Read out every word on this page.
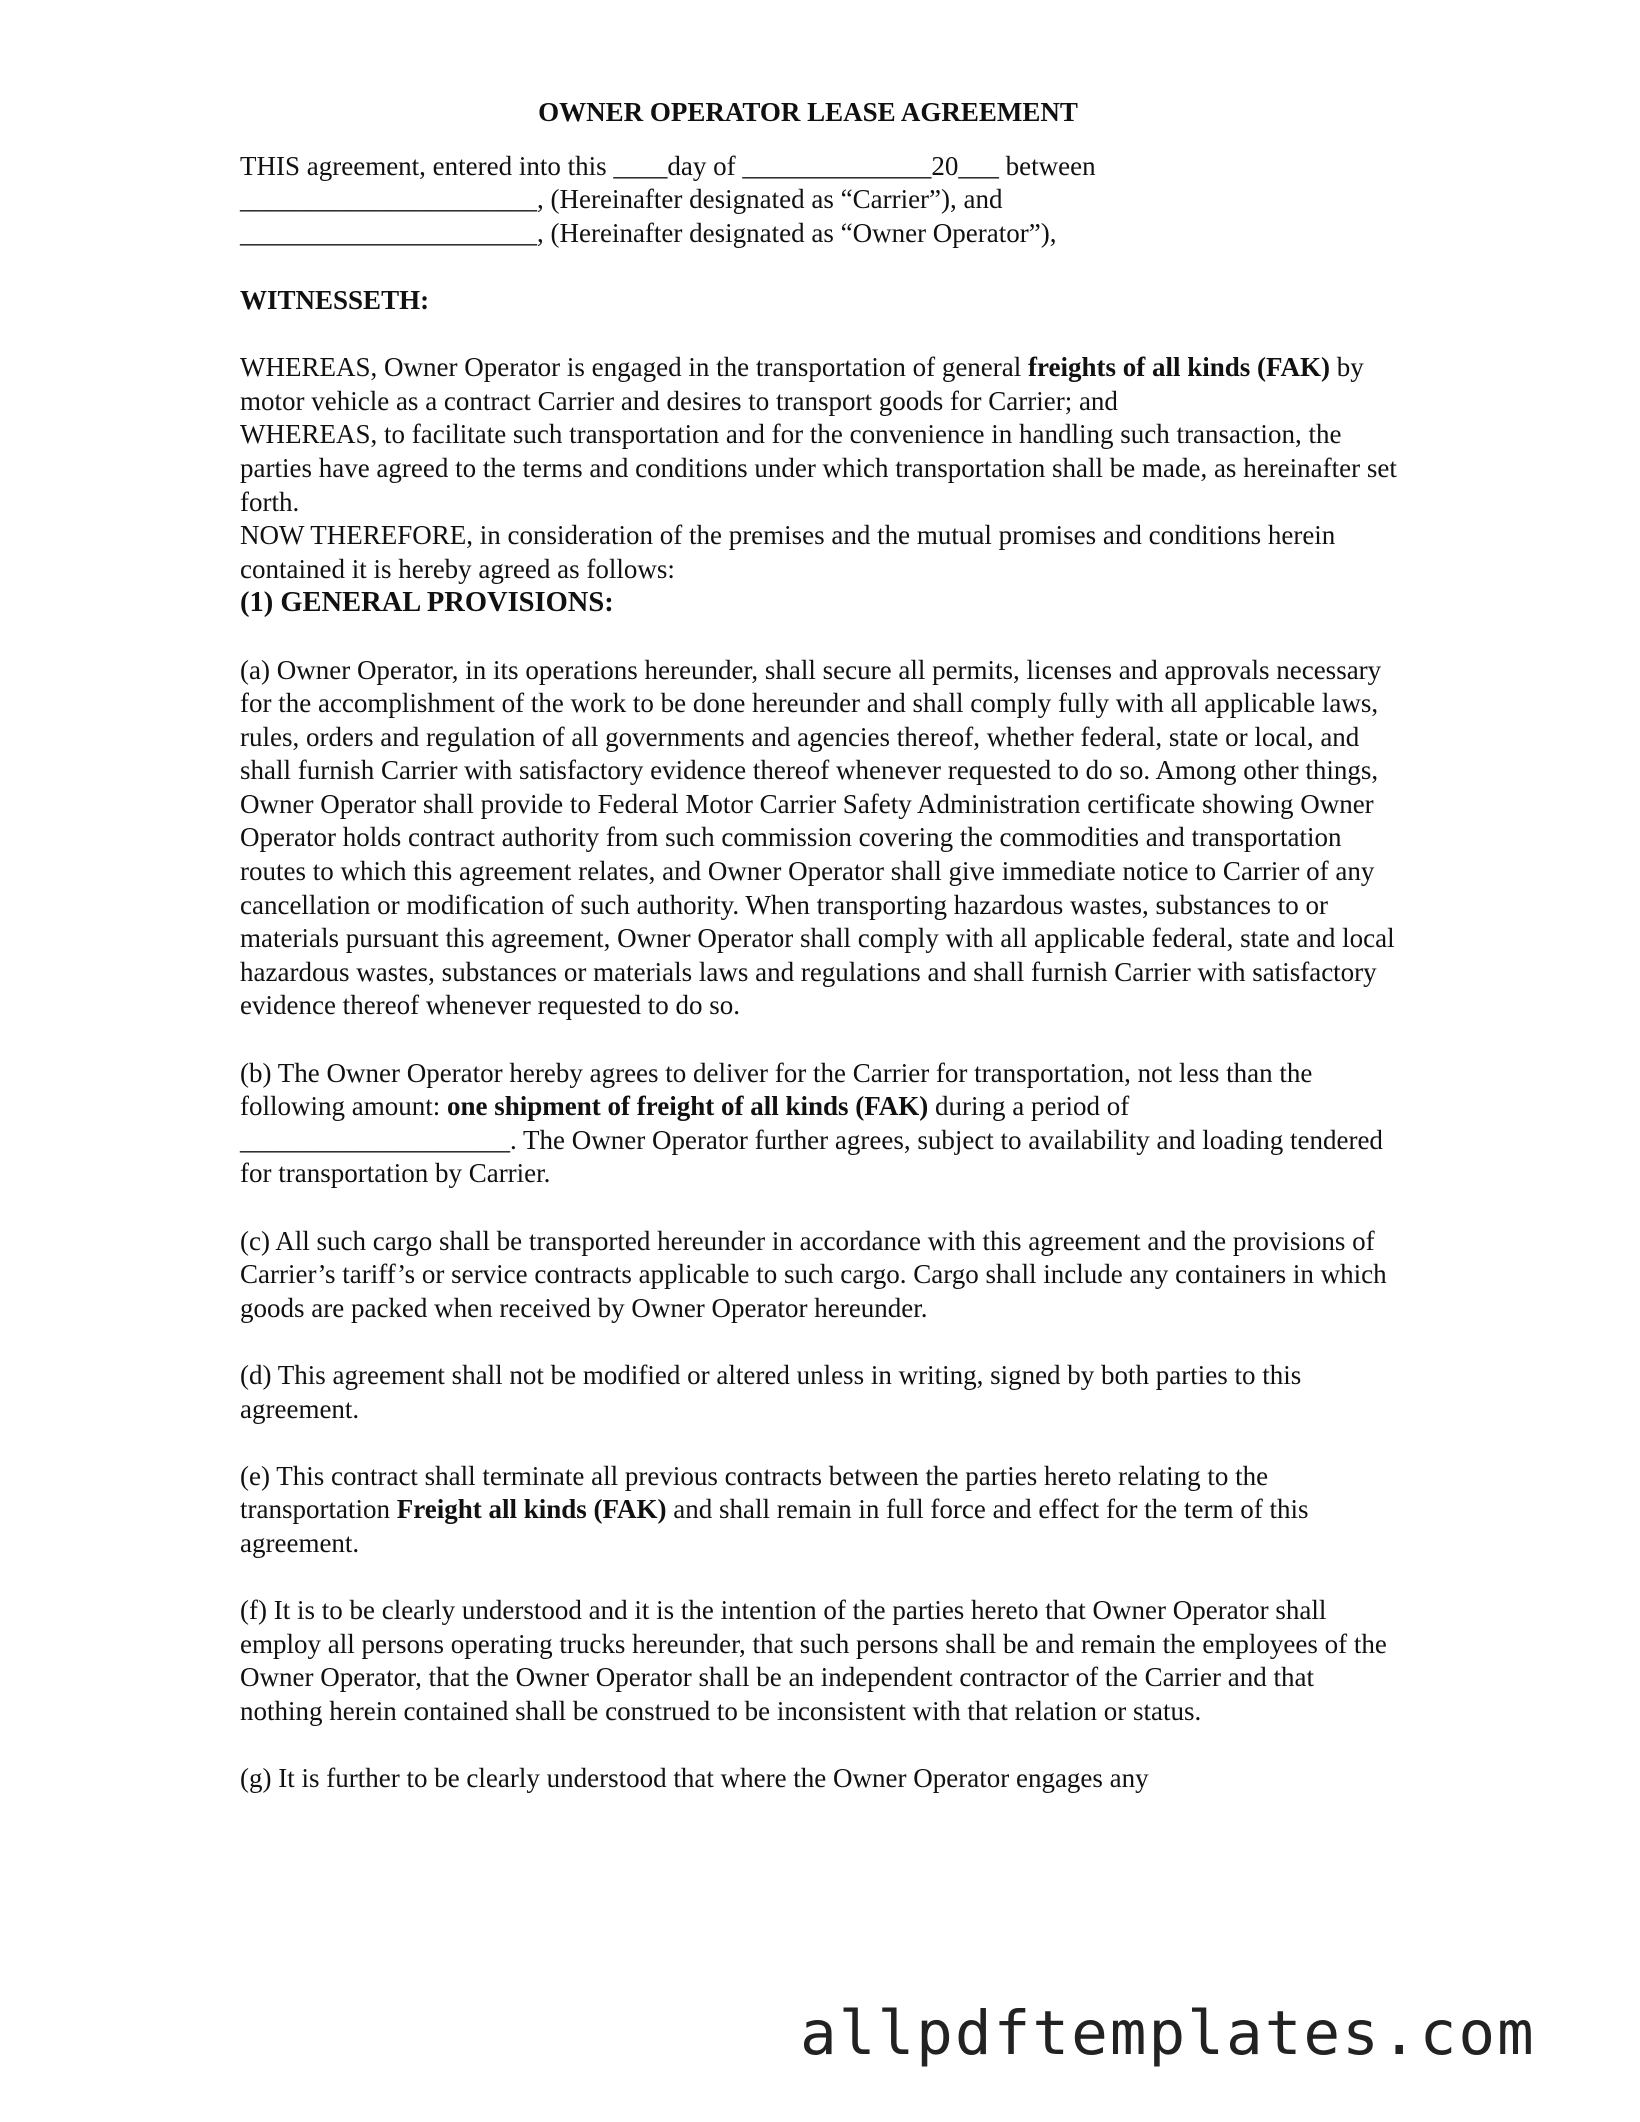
OWNER OPERATOR LEASE AGREEMENT
THIS agreement, entered into this ____day of ______________20___ between
______________________, (Hereinafter designated as “Carrier”), and
______________________, (Hereinafter designated as “Owner Operator”),
WITNESSETH:

WHEREAS, Owner Operator is engaged in the transportation of general freights of all kinds (FAK) by motor vehicle as a contract Carrier and desires to transport goods for Carrier; and

WHEREAS, to facilitate such transportation and for the convenience in handling such transaction, the parties have agreed to the terms and conditions under which transportation shall be made, as hereinafter set forth.

NOW THEREFORE, in consideration of the premises and the mutual promises and conditions herein contained it is hereby agreed as follows:

(1) GENERAL PROVISIONS:

(a) Owner Operator, in its operations hereunder, shall secure all permits, licenses and approvals necessary for the accomplishment of the work to be done hereunder and shall comply fully with all applicable laws, rules, orders and regulation of all governments and agencies thereof, whether federal, state or local, and shall furnish Carrier with satisfactory evidence thereof whenever requested to do so. Among other things, Owner Operator shall provide to Federal Motor Carrier Safety Administration certificate showing Owner Operator holds contract authority from such commission covering the commodities and transportation routes to which this agreement relates, and Owner Operator shall give immediate notice to Carrier of any cancellation or modification of such authority. When transporting hazardous wastes, substances to or materials pursuant this agreement, Owner Operator shall comply with all applicable federal, state and local hazardous wastes, substances or materials laws and regulations and shall furnish Carrier with satisfactory evidence thereof whenever requested to do so.

(b) The Owner Operator hereby agrees to deliver for the Carrier for transportation, not less than the following amount: one shipment of freight of all kinds (FAK) during a period of ____________________. The Owner Operator further agrees, subject to availability and loading tendered for transportation by Carrier.

(c) All such cargo shall be transported hereunder in accordance with this agreement and the provisions of Carrier’s tariff’s or service contracts applicable to such cargo. Cargo shall include any containers in which goods are packed when received by Owner Operator hereunder.

(d) This agreement shall not be modified or altered unless in writing, signed by both parties to this agreement.

(e) This contract shall terminate all previous contracts between the parties hereto relating to the transportation Freight all kinds (FAK) and shall remain in full force and effect for the term of this agreement.

(f) It is to be clearly understood and it is the intention of the parties hereto that Owner Operator shall employ all persons operating trucks hereunder, that such persons shall be and remain the employees of the Owner Operator, that the Owner Operator shall be an independent contractor of the Carrier and that nothing herein contained shall be construed to be inconsistent with that relation or status.

(g) It is further to be clearly understood that where the Owner Operator engages any

allpdftemplates.com
